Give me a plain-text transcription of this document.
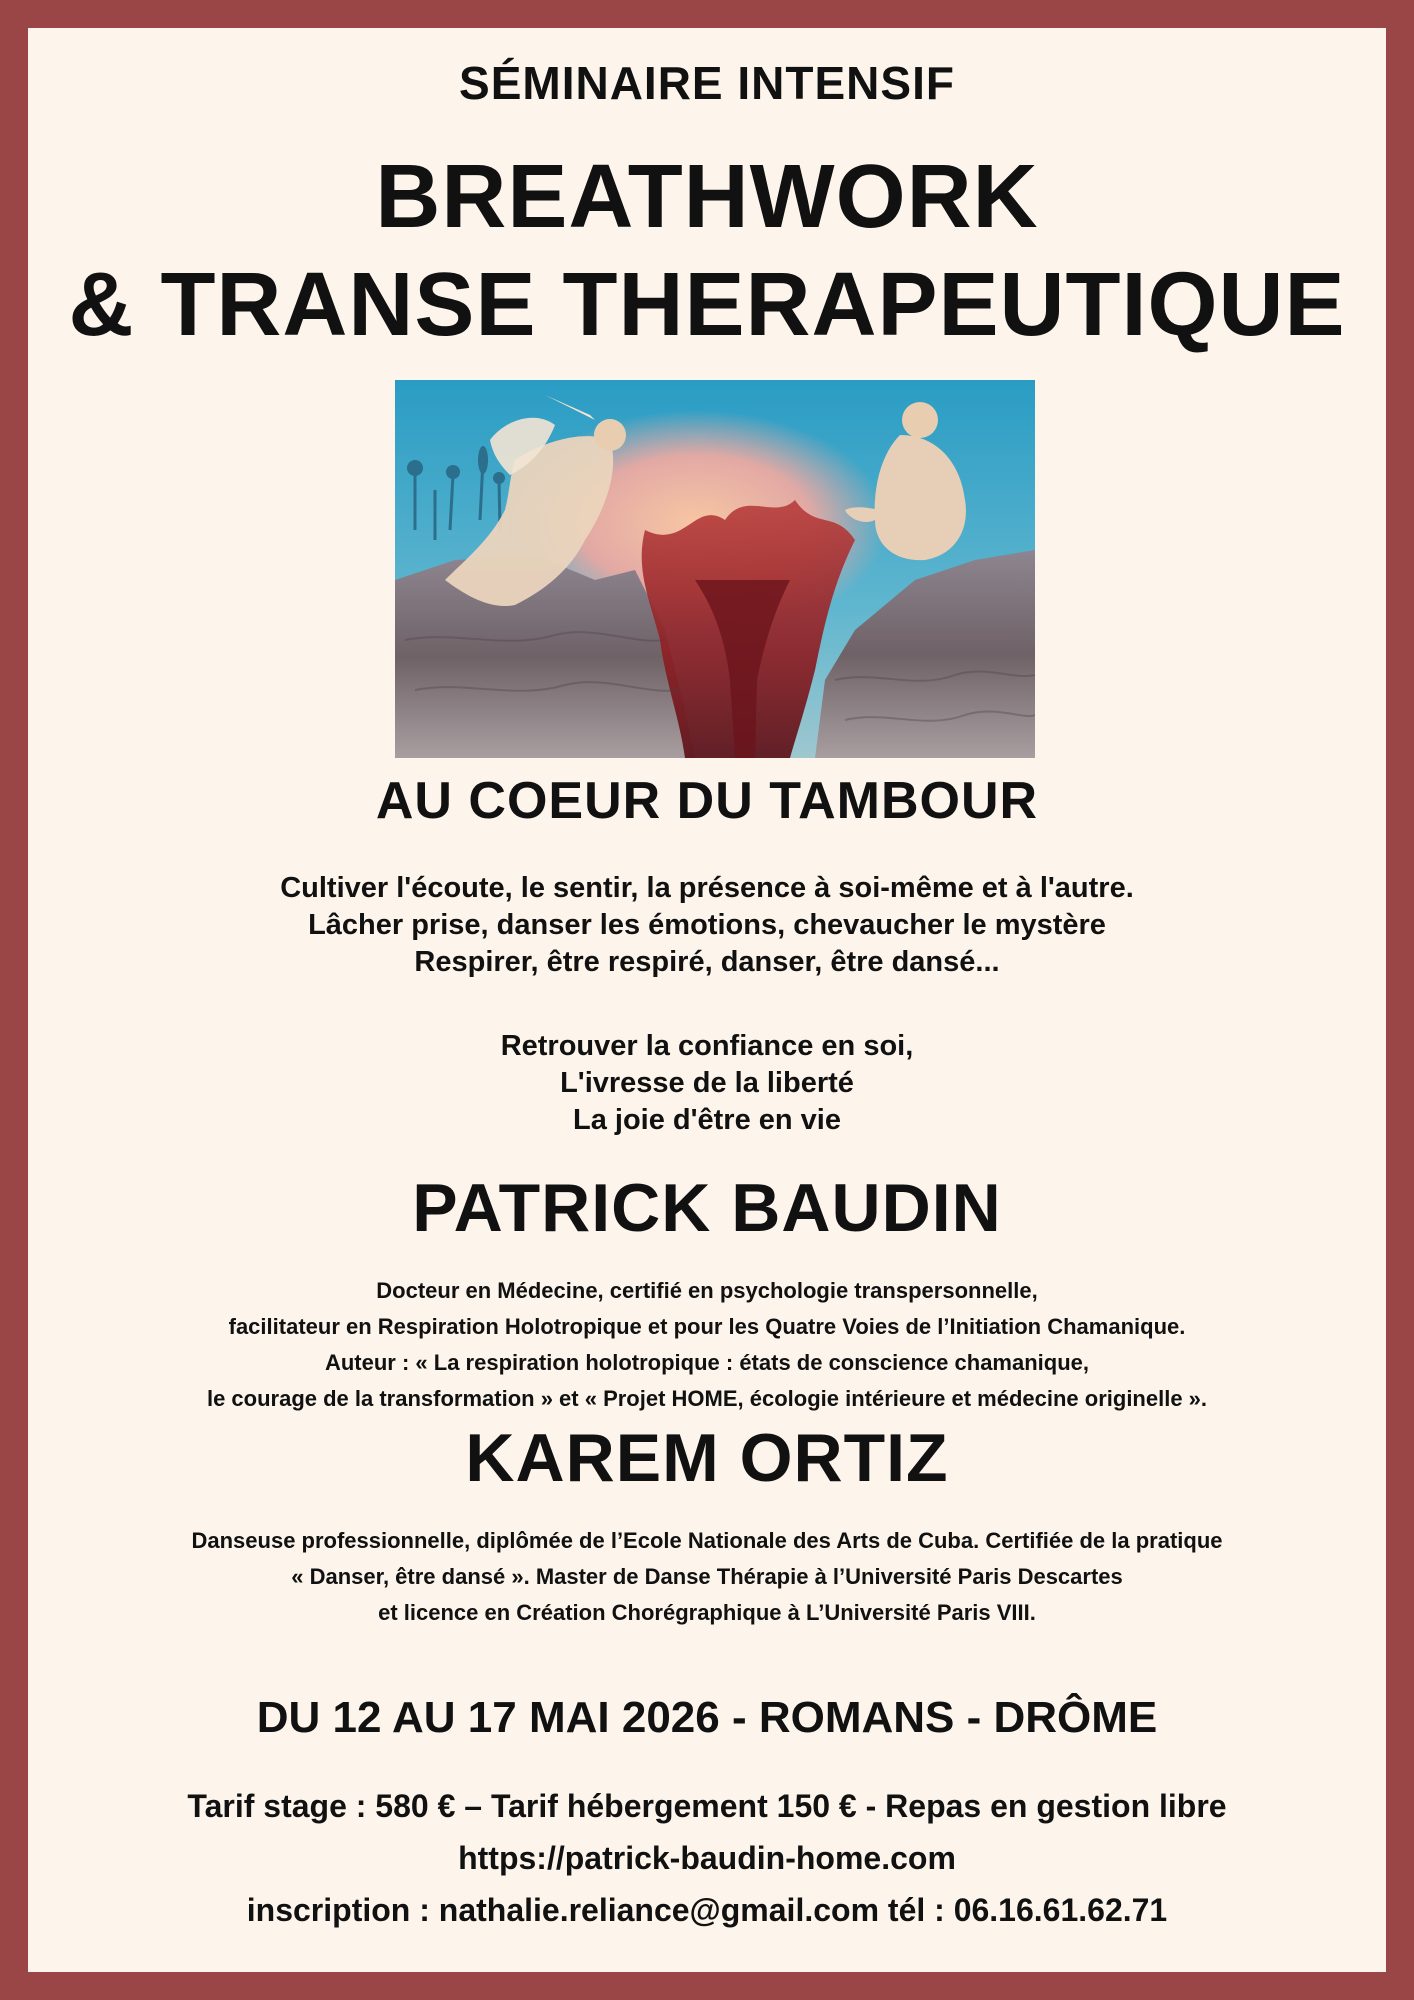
SÉMINAIRE INTENSIF
BREATHWORK
& TRANSE THERAPEUTIQUE
AU COEUR DU TAMBOUR
Cultiver l'écoute, le sentir, la présence à soi-même et à l'autre.
Lâcher prise, danser les émotions, chevaucher le mystère
Respirer, être respiré, danser, être dansé...
Retrouver la confiance en soi,
L'ivresse de la liberté
La joie d'être en vie
PATRICK BAUDIN
Docteur en Médecine, certifié en psychologie transpersonnelle,
facilitateur en Respiration Holotropique et pour les Quatre Voies de l’Initiation Chamanique.
Auteur : « La respiration holotropique : états de conscience chamanique,
le courage de la transformation » et « Projet HOME, écologie intérieure et médecine originelle ».
KAREM ORTIZ
Danseuse professionnelle, diplômée de l’Ecole Nationale des Arts de Cuba. Certifiée de la pratique
« Danser, être dansé ». Master de Danse Thérapie à l’Université Paris Descartes
et licence en Création Chorégraphique à L’Université Paris VIII.
DU 12 AU 17 MAI 2026 - ROMANS - DRÔME
Tarif stage : 580 € – Tarif hébergement 150 € - Repas en gestion libre
https://patrick-baudin-home.com
inscription : nathalie.reliance@gmail.com tél : 06.16.61.62.71
